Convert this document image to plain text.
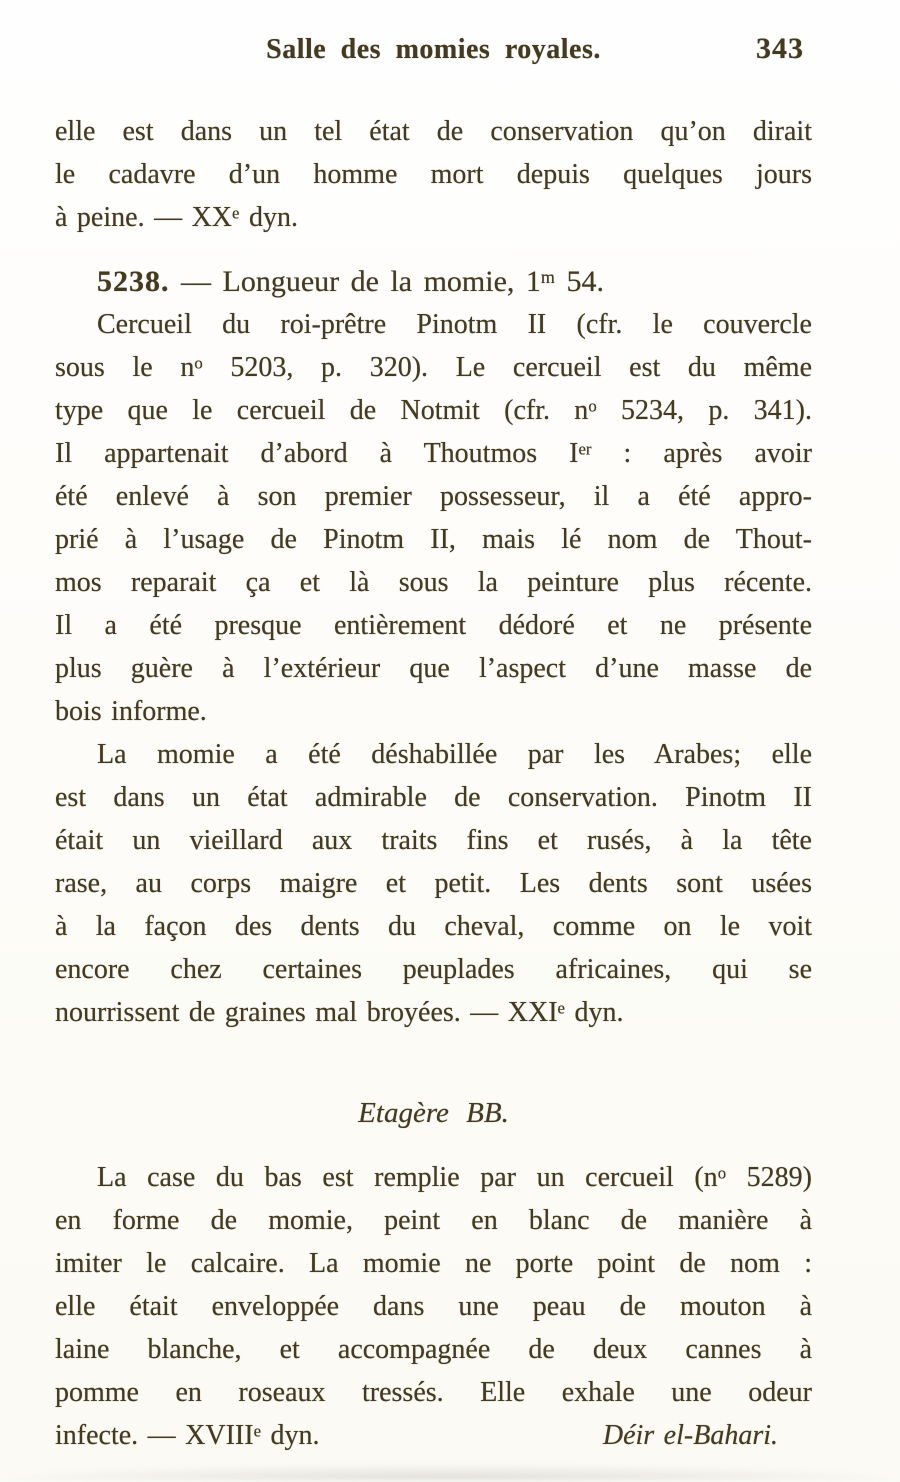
Salle des momies royales.	343
elle est dans un tel état de conservation qu’on dirait
le cadavre d’un homme mort depuis quelques jours
à peine. — XXe dyn.
5238. — Longueur de la momie, 1$^m$ 54.
Cercueil du roi-prêtre Pinotm II (cfr. le couvercle
sous le $n^o$ 5203, p. 320). Le cercueil est du même
type que le cercueil de Notmit (cfr. $n^o$ 5234, p. 341).
Il appartenait d’abord à Thoutmos Ier : après avoir
été enlevé à son premier possesseur, il a été appro-
prié à l’usage de Pinotm II, mais lé nom de Thout-
mos reparait ça et là sous la peinture plus récente.
Il a été presque entièrement dédoré et ne présente
plus guère à l’extérieur que l’aspect d’une masse de
bois informe.
La momie a été déshabillée par les Arabes; elle
est dans un état admirable de conservation. Pinotm II
était un vieillard aux traits fins et rusés, à la tête
rase, au corps maigre et petit. Les dents sont usées
à la façon des dents du cheval, comme on le voit
encore chez certaines peuplades africaines, qui se
nourrissent de graines mal broyées. — XXIe dyn.
Etagère BB.
La case du bas est remplie par un cercueil ($n^o$ 5289)
en forme de momie, peint en blanc de manière à
imiter le calcaire. La momie ne porte point de nom :
elle était enveloppée dans une peau de mouton à
laine blanche, et accompagnée de deux cannes à
pomme en roseaux tressés. Elle exhale une odeur
infecte. — XVIIIe dyn.	Déir el-Bahari.
